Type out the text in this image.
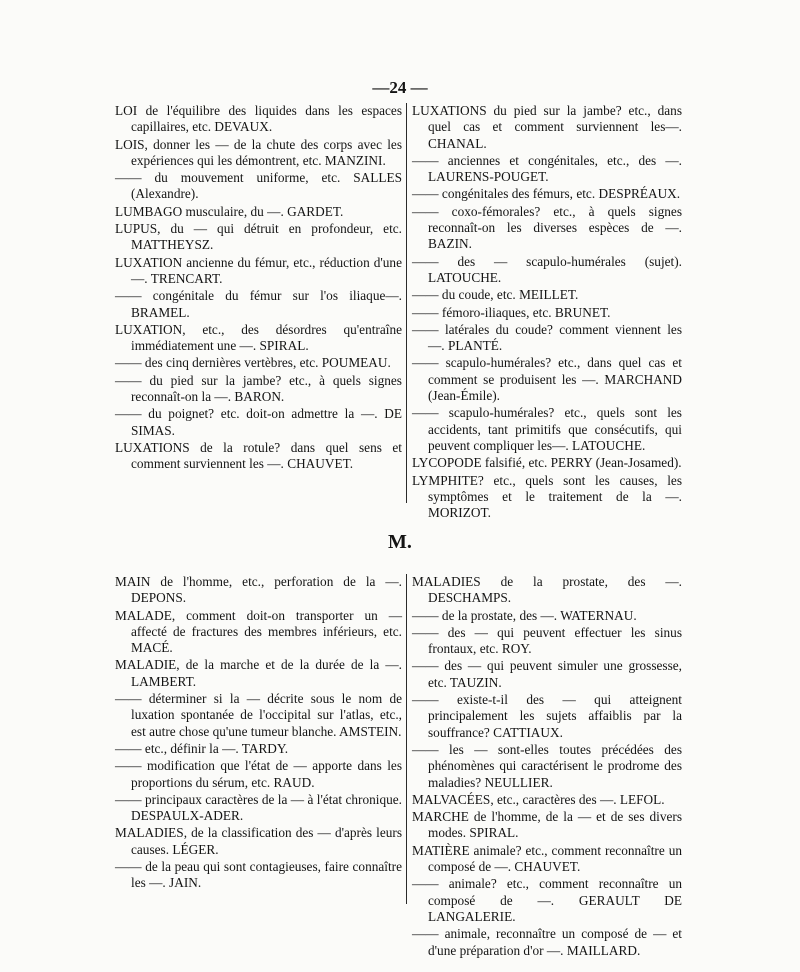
—24 —

LOI de l'équilibre des liquides dans les espaces capillaires, etc. DEVAUX.

LOIS, donner les — de la chute des corps avec les expériences qui les démontrent, etc. MANZINI.

—— du mouvement uniforme, etc. SALLES (Alexandre).

LUMBAGO musculaire, du —. GARDET.

LUPUS, du — qui détruit en profondeur, etc. MATTHEYSZ.

LUXATION ancienne du fémur, etc., réduction d'une —. TRENCART.

—— congénitale du fémur sur l'os iliaque—. BRAMEL.

LUXATION, etc., des désordres qu'entraîne immédiatement une —. SPIRAL.

—— des cinq dernières vertèbres, etc. POUMEAU.

—— du pied sur la jambe? etc., à quels signes reconnaît-on la —. BARON.

—— du poignet? etc. doit-on admettre la —. DE SIMAS.

LUXATIONS de la rotule? dans quel sens et comment surviennent les —. CHAUVET.

LUXATIONS du pied sur la jambe? etc., dans quel cas et comment surviennent les—. CHANAL.

—— anciennes et congénitales, etc., des —. LAURENS-POUGET.

—— congénitales des fémurs, etc. DESPRÉAUX.

—— coxo-fémorales? etc., à quels signes reconnaît-on les diverses espèces de —. BAZIN.

—— des — scapulo-humérales (sujet). LATOUCHE.

—— du coude, etc. MEILLET.

—— fémoro-iliaques, etc. BRUNET.

—— latérales du coude? comment viennent les —. PLANTÉ.

—— scapulo-humérales? etc., dans quel cas et comment se produisent les —. MARCHAND (Jean-Émile).

—— scapulo-humérales? etc., quels sont les accidents, tant primitifs que consécutifs, qui peuvent compliquer les—. LATOUCHE.

LYCOPODE falsifié, etc. PERRY (Jean-Josamed).

LYMPHITE? etc., quels sont les causes, les symptômes et le traitement de la —. MORIZOT.

M.

MAIN de l'homme, etc., perforation de la —. DEPONS.

MALADE, comment doit-on transporter un — affecté de fractures des membres inférieurs, etc. MACÉ.

MALADIE, de la marche et de la durée de la —. LAMBERT.

—— déterminer si la — décrite sous le nom de luxation spontanée de l'occipital sur l'atlas, etc., est autre chose qu'une tumeur blanche. AMSTEIN.

—— etc., définir la —. TARDY.

—— modification que l'état de — apporte dans les proportions du sérum, etc. RAUD.

—— principaux caractères de la — à l'état chronique. DESPAULX-ADER.

MALADIES, de la classification des — d'après leurs causes. LÉGER.

—— de la peau qui sont contagieuses, faire connaître les —. JAIN.

MALADIES de la prostate, des —. DESCHAMPS.

—— de la prostate, des —. WATERNAU.

—— des — qui peuvent effectuer les sinus frontaux, etc. ROY.

—— des — qui peuvent simuler une grossesse, etc. TAUZIN.

—— existe-t-il des — qui atteignent principalement les sujets affaiblis par la souffrance? CATTIAUX.

—— les — sont-elles toutes précédées des phénomènes qui caractérisent le prodrome des maladies? NEULLIER.

MALVACÉES, etc., caractères des —. LEFOL.

MARCHE de l'homme, de la — et de ses divers modes. SPIRAL.

MATIÈRE animale? etc., comment reconnaître un composé de —. CHAUVET.

—— animale? etc., comment reconnaître un composé de —. GERAULT DE LANGALERIE.

—— animale, reconnaître un composé de — et d'une préparation d'or —. MAILLARD.
